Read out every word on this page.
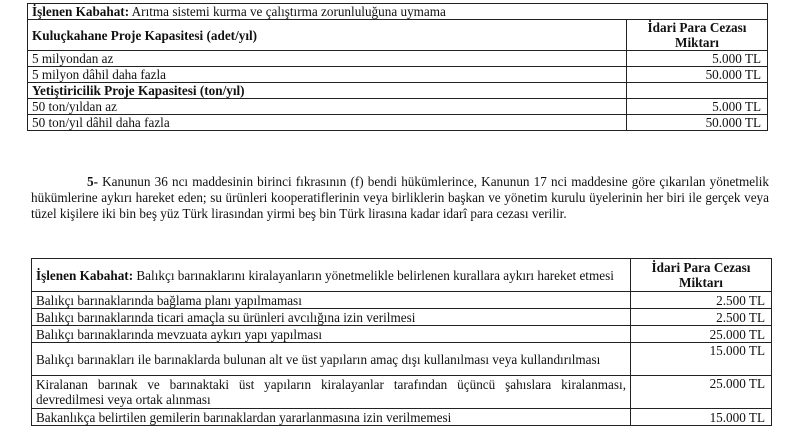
İşlenen Kabahat: Arıtma sistemi kurma ve çalıştırma zorunluluğuna uymama	
Kuluçkahane Proje Kapasitesi (adet/yıl)	İdari Para Cezası Miktarı
5 milyondan az	5.000 TL
5 milyon dâhil daha fazla	50.000 TL
Yetiştiricilik Proje Kapasitesi (ton/yıl)	
50 ton/yıldan az	5.000 TL
50 ton/yıl dâhil daha fazla	50.000 TL
5- Kanunun 36 ncı maddesinin birinci fıkrasının (f) bendi hükümlerince, Kanunun 17 nci maddesine göre çıkarılan yönetmelik hükümlerine aykırı hareket eden; su ürünleri kooperatiflerinin veya birliklerin başkan ve yönetim kurulu üyelerinin her biri ile gerçek veya tüzel kişilere iki bin beş yüz Türk lirasından yirmi beş bin Türk lirasına kadar idarî para cezası verilir.
İşlenen Kabahat: Balıkçı barınaklarını kiralayanların yönetmelikle belirlenen kurallara aykırı hareket etmesi	İdari Para Cezası Miktarı
Balıkçı barınaklarında bağlama planı yapılmaması	2.500 TL
Balıkçı barınaklarında ticari amaçla su ürünleri avcılığına izin verilmesi	2.500 TL
Balıkçı barınaklarında mevzuata aykırı yapı yapılması	25.000 TL
Balıkçı barınakları ile barınaklarda bulunan alt ve üst yapıların amaç dışı kullanılması veya kullandırılması	15.000 TL
Kiralanan barınak ve barınaktaki üst yapıların kiralayanlar tarafından üçüncü şahıslara kiralanması, devredilmesi veya ortak alınması	25.000 TL
Bakanlıkça belirtilen gemilerin barınaklardan yararlanmasına izin verilmemesi	15.000 TL
